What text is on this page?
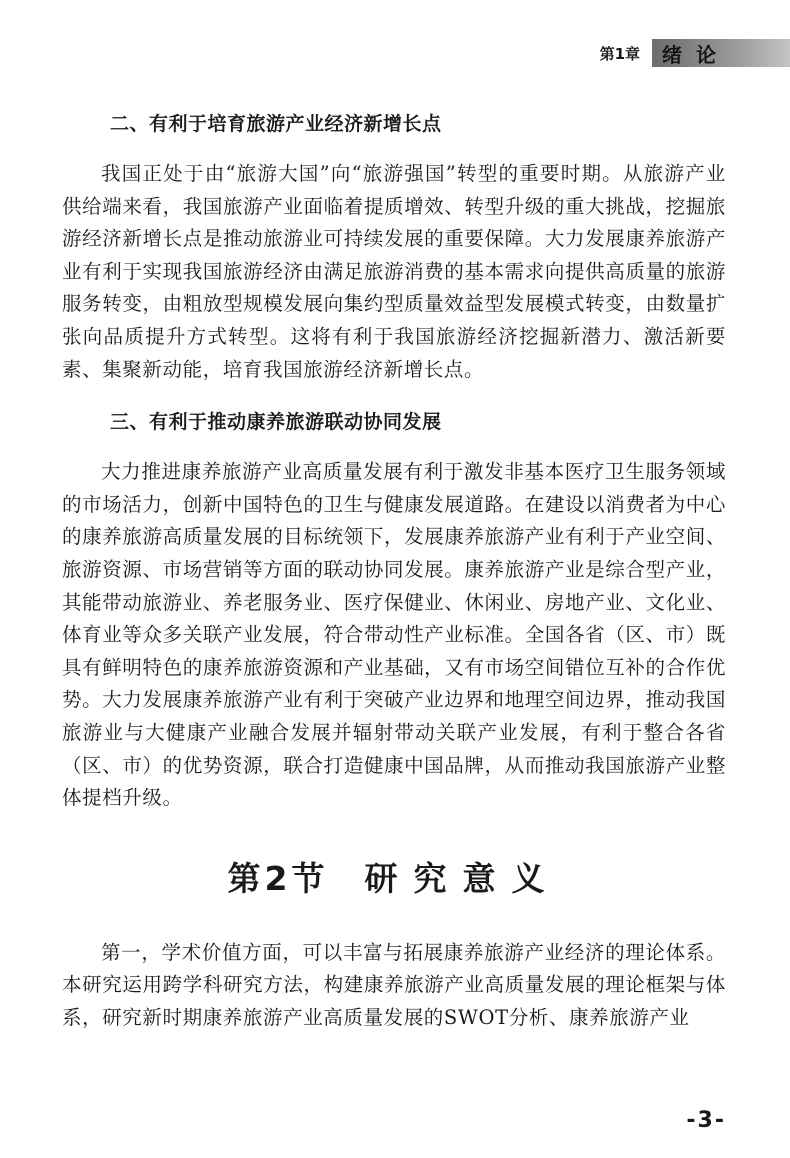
第1章 绪论
二、有利于培育旅游产业经济新增长点

我国正处于由“旅游大国”向“旅游强国”转型的重要时期。从旅游产业供给端来看，我国旅游产业面临着提质增效、转型升级的重大挑战，挖掘旅游经济新增长点是推动旅游业可持续发展的重要保障。大力发展康养旅游产业有利于实现我国旅游经济由满足旅游消费的基本需求向提供高质量的旅游服务转变，由粗放型规模发展向集约型质量效益型发展模式转变，由数量扩张向品质提升方式转型。这将有利于我国旅游经济挖掘新潜力、激活新要素、集聚新动能，培育我国旅游经济新增长点。

三、有利于推动康养旅游联动协同发展

大力推进康养旅游产业高质量发展有利于激发非基本医疗卫生服务领域的市场活力，创新中国特色的卫生与健康发展道路。在建设以消费者为中心的康养旅游高质量发展的目标统领下，发展康养旅游产业有利于产业空间、旅游资源、市场营销等方面的联动协同发展。康养旅游产业是综合型产业，其能带动旅游业、养老服务业、医疗保健业、休闲业、房地产业、文化业、体育业等众多关联产业发展，符合带动性产业标准。全国各省（区、市）既具有鲜明特色的康养旅游资源和产业基础，又有市场空间错位互补的合作优势。大力发展康养旅游产业有利于突破产业边界和地理空间边界，推动我国旅游业与大健康产业融合发展并辐射带动关联产业发展，有利于整合各省（区、市）的优势资源，联合打造健康中国品牌，从而推动我国旅游产业整体提档升级。

第2节 研究意义

第一，学术价值方面，可以丰富与拓展康养旅游产业经济的理论体系。本研究运用跨学科研究方法，构建康养旅游产业高质量发展的理论框架与体系，研究新时期康养旅游产业高质量发展的SWOT分析、康养旅游产业

-3-
